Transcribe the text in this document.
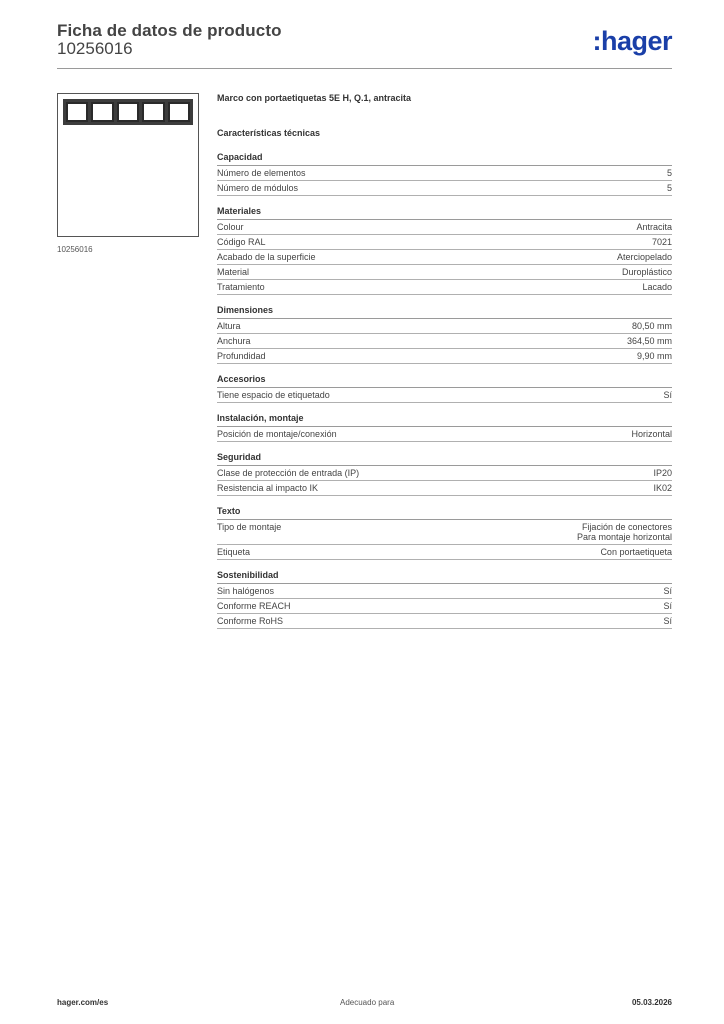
Ficha de datos de producto
10256016	:hager
10256016
Marco con portaetiquetas 5E H, Q.1, antracita
Características técnicas
Capacidad
Número de elementos	5
Número de módulos	5
Materiales
Colour	Antracita
Código RAL	7021
Acabado de la superficie	Aterciopelado
Material	Duroplástico
Tratamiento	Lacado
Dimensiones
Altura	80,50 mm
Anchura	364,50 mm
Profundidad	9,90 mm
Accesorios
Tiene espacio de etiquetado	Sí
Instalación, montaje
Posición de montaje/conexión	Horizontal
Seguridad
Clase de protección de entrada (IP)	IP20
Resistencia al impacto IK	IK02
Texto
Tipo de montaje	Fijación de conectores
Para montaje horizontal
Etiqueta	Con portaetiqueta
Sostenibilidad
Sin halógenos	Sí
Conforme REACH	Sí
Conforme RoHS	Sí
hager.com/es	Adecuado para	05.03.2026
